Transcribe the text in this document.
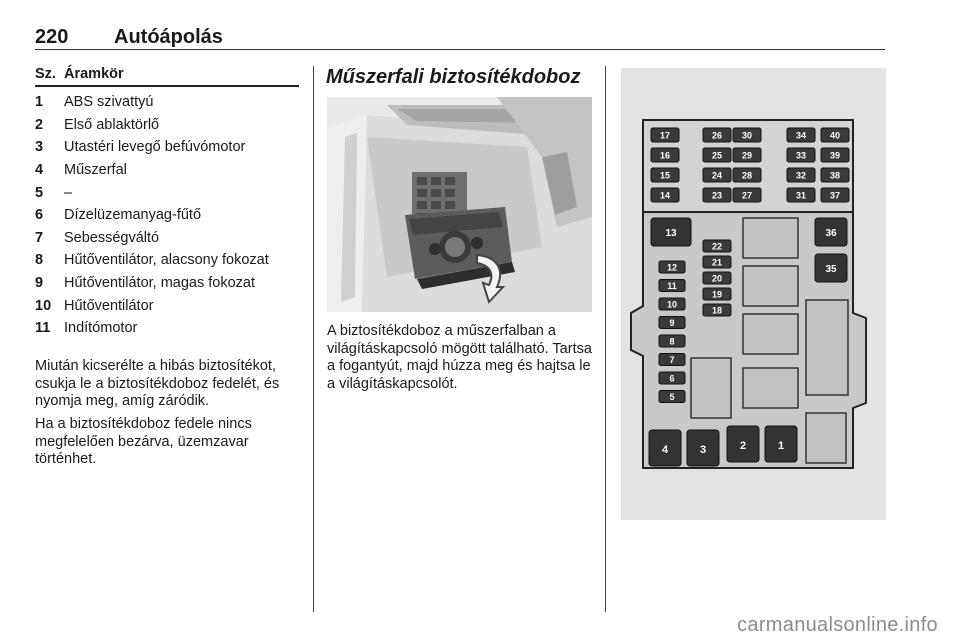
220 Autóápolás
Sz.	Áramkör
1	ABS szivattyú
2	Első ablaktörlő
3	Utastéri levegő befúvómotor
4	Műszerfal
5	–
6	Dízelüzemanyag-fűtő
7	Sebességváltó
8	Hűtőventilátor, alacsony fokozat
9	Hűtőventilátor, magas fokozat
10	Hűtőventilátor
11	Indítómotor
Miután kicserélte a hibás biztosítékot, csukja le a biztosítékdoboz fedelét, és nyomja meg, amíg záródik.
Ha a biztosítékdoboz fedele nincs megfelelően bezárva, üzemzavar történhet.
Műszerfali biztosítékdoboz
A biztosítékdoboz a műszerfalban a világításkapcsoló mögött található. Tartsa a fogantyút, majd húzza meg és hajtsa le a világításkapcsolót.
17	26 30	34	40
16	25 29	33	39
15	24 28	32	38
14	23 27	31	37
13	36
35
22
21
20
19
18
12
11
10
9
8
7
6
5
4	3	2	1
carmanualsonline.info
